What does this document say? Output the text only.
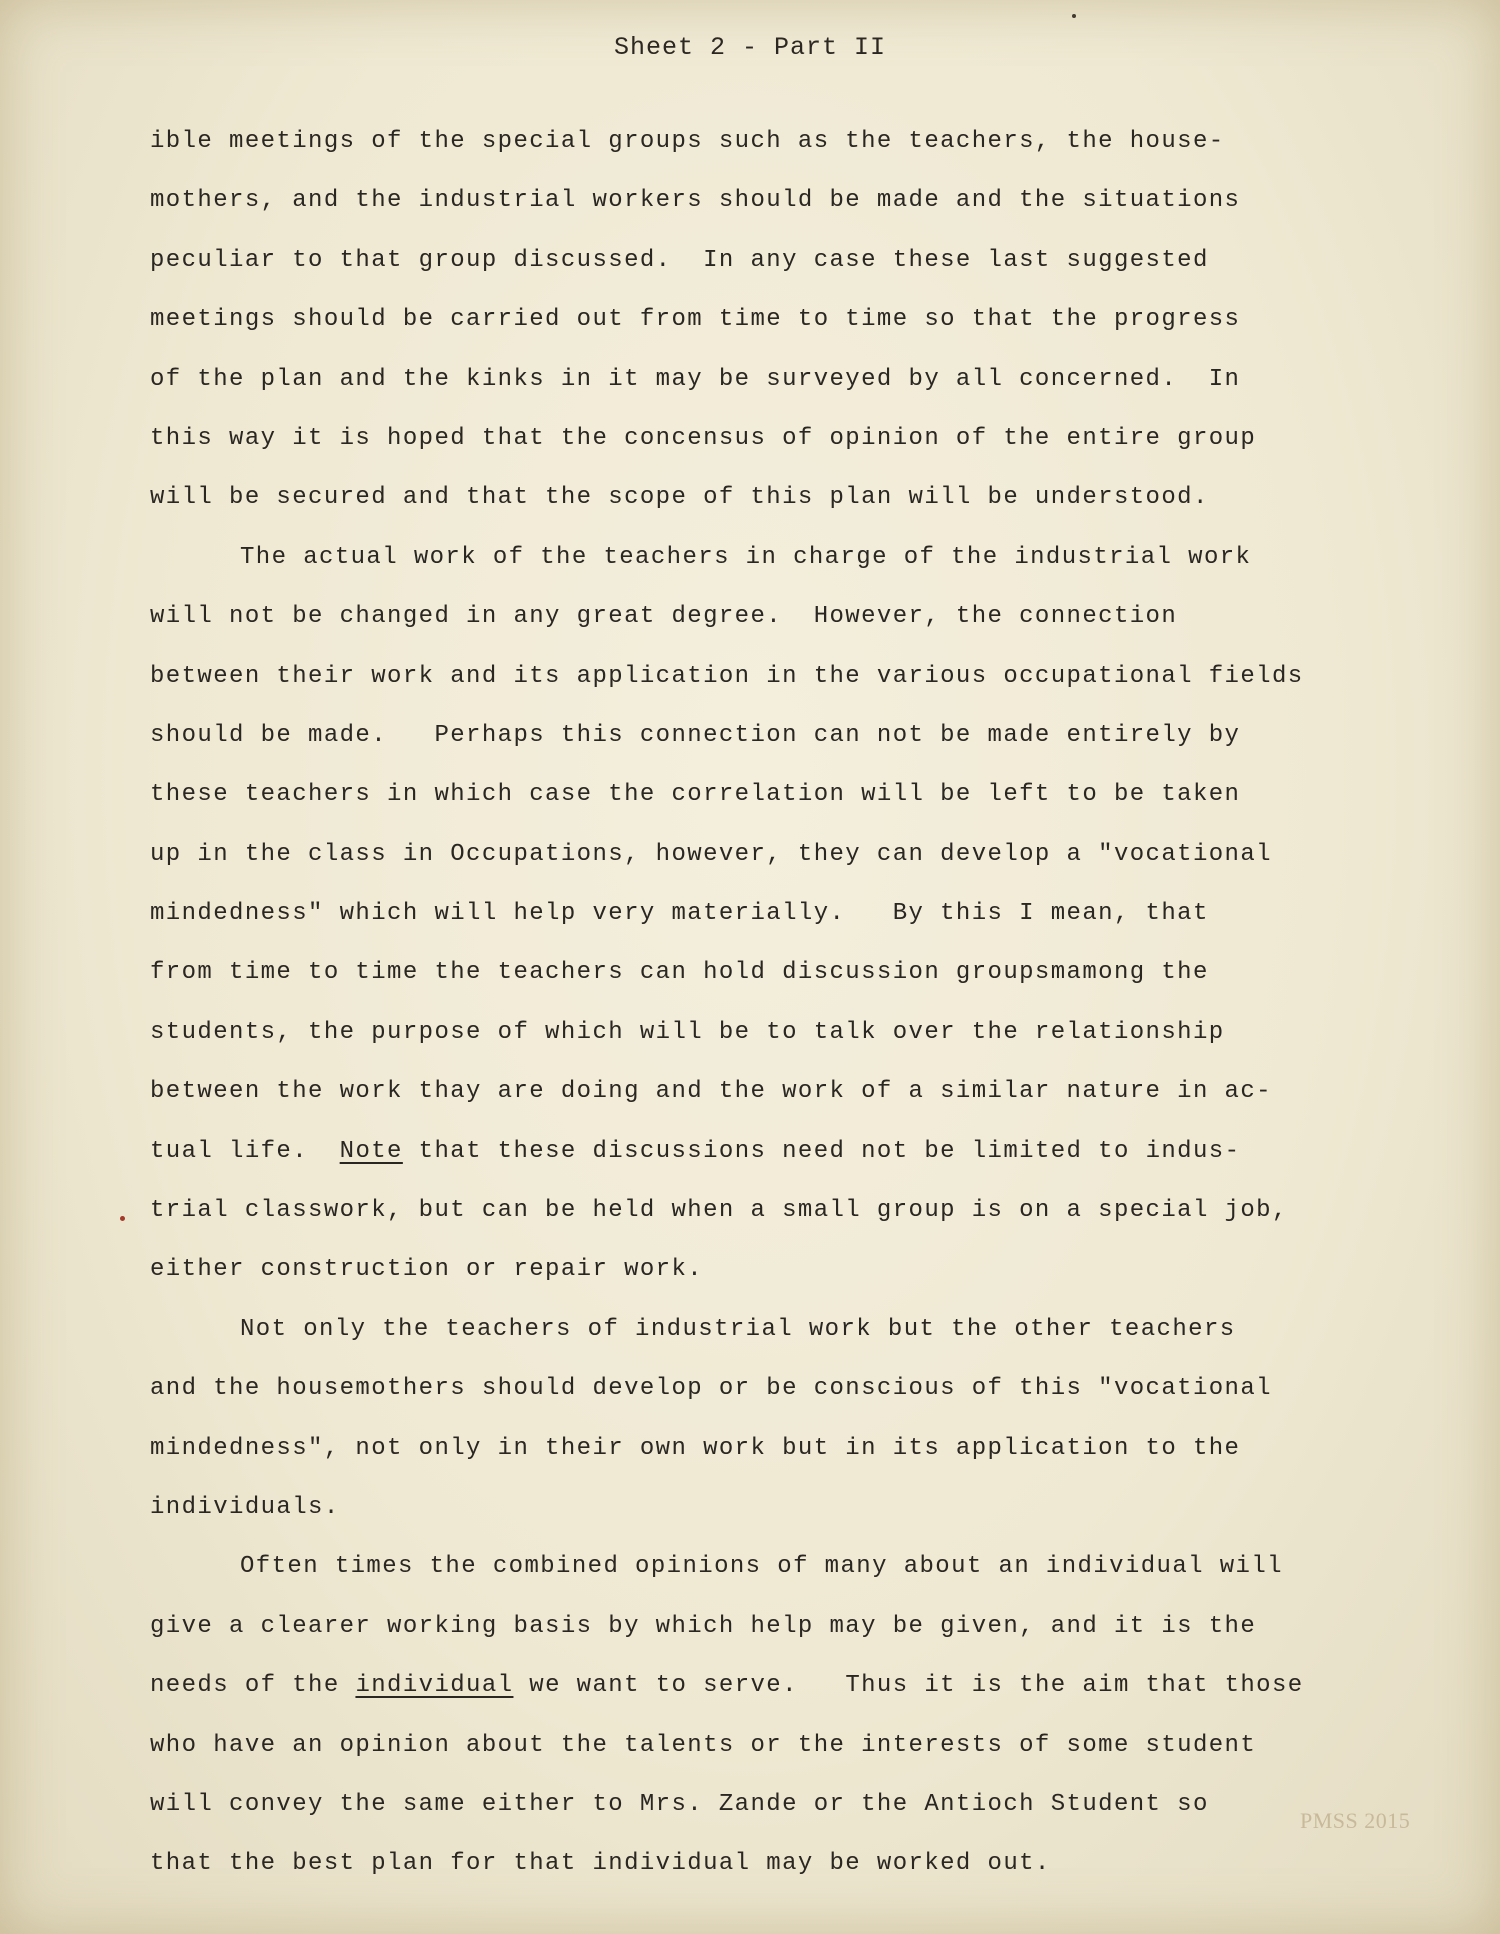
Sheet 2 - Part II
ible meetings of the special groups such as the teachers, the house-
mothers, and the industrial workers should be made and the situations
peculiar to that group discussed.  In any case these last suggested
meetings should be carried out from time to time so that the progress
of the plan and the kinks in it may be surveyed by all concerned.  In
this way it is hoped that the concensus of opinion of the entire group
will be secured and that the scope of this plan will be understood.
The actual work of the teachers in charge of the industrial work
will not be changed in any great degree.  However, the connection
between their work and its application in the various occupational fields
should be made.   Perhaps this connection can not be made entirely by
these teachers in which case the correlation will be left to be taken
up in the class in Occupations, however, they can develop a "vocational
mindedness" which will help very materially.   By this I mean, that
from time to time the teachers can hold discussion groupsmamong the
students, the purpose of which will be to talk over the relationship
between the work thay are doing and the work of a similar nature in ac-
tual life.  Note that these discussions need not be limited to indus-
trial classwork, but can be held when a small group is on a special job,
either construction or repair work.
Not only the teachers of industrial work but the other teachers
and the housemothers should develop or be conscious of this "vocational
mindedness", not only in their own work but in its application to the
individuals.
Often times the combined opinions of many about an individual will
give a clearer working basis by which help may be given, and it is the
needs of the individual we want to serve.   Thus it is the aim that those
who have an opinion about the talents or the interests of some student
will convey the same either to Mrs. Zande or the Antioch Student so
that the best plan for that individual may be worked out.
PMSS 2015
